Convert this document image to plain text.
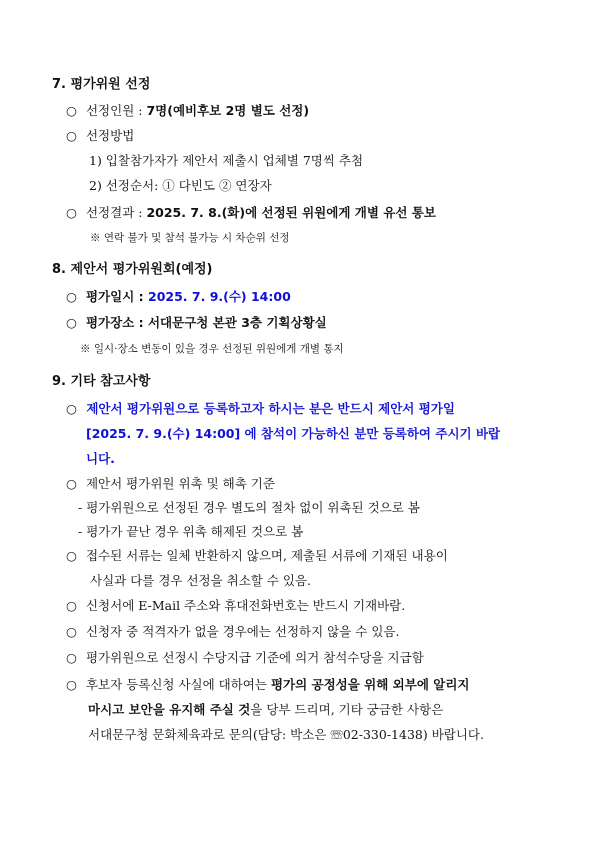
7. 평가위원 선정
○ 선정인원 : 7명(예비후보 2명 별도 선정)
○ 선정방법
1) 입찰참가자가 제안서 제출시 업체별 7명씩 추첨
2) 선정순서: ① 다빈도 ② 연장자
○ 선정결과 : 2025. 7. 8.(화)에 선정된 위원에게 개별 유선 통보
※ 연락 불가 및 참석 불가능 시 차순위 선정
8. 제안서 평가위원회(예정)
○ 평가일시 : 2025. 7. 9.(수) 14:00
○ 평가장소 : 서대문구청 본관 3층 기획상황실
※ 일시·장소 변동이 있을 경우 선정된 위원에게 개별 통지
9. 기타 참고사항
○ 제안서 평가위원으로 등록하고자 하시는 분은 반드시 제안서 평가일
[2025. 7. 9.(수) 14:00] 에 참석이 가능하신 분만 등록하여 주시기 바랍
니다.
○ 제안서 평가위원 위촉 및 해촉 기준
- 평가위원으로 선정된 경우 별도의 절차 없이 위촉된 것으로 봄
- 평가가 끝난 경우 위촉 해제된 것으로 봄
○ 접수된 서류는 일체 반환하지 않으며, 제출된 서류에 기재된 내용이
사실과 다를 경우 선정을 취소할 수 있음.
○ 신청서에 E-Mail 주소와 휴대전화번호는 반드시 기재바람.
○ 신청자 중 적격자가 없을 경우에는 선정하지 않을 수 있음.
○ 평가위원으로 선정시 수당지급 기준에 의거 참석수당을 지급함
○ 후보자 등록신청 사실에 대하여는 평가의 공정성을 위해 외부에 알리지
마시고 보안을 유지해 주실 것을 당부 드리며, 기타 궁금한 사항은
서대문구청 문화체육과로 문의(담당: 박소은 ☏02-330-1438) 바랍니다.
